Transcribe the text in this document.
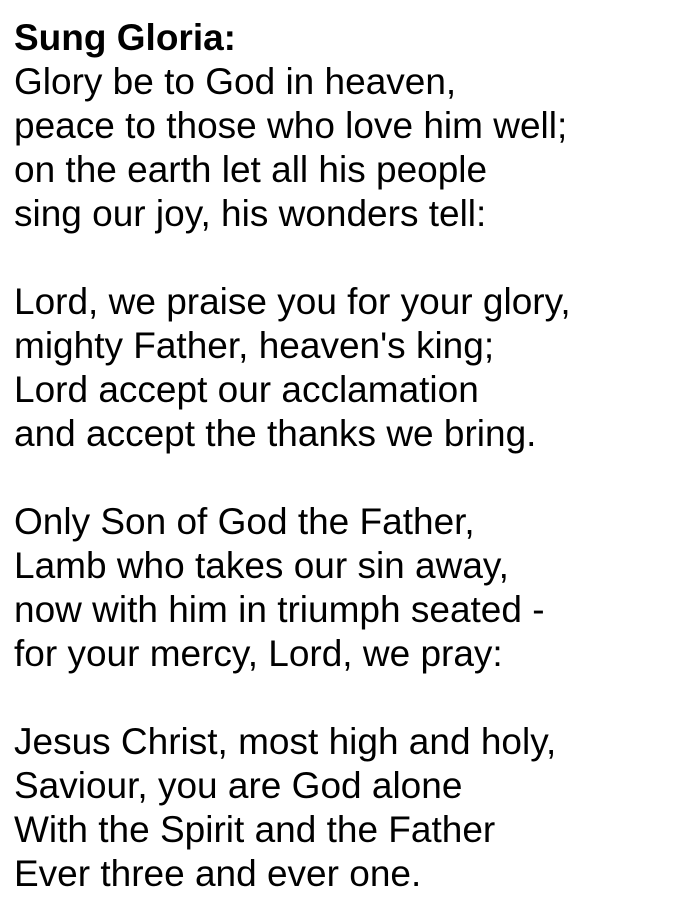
Sung Gloria:
Glory be to God in heaven,
peace to those who love him well;
on the earth let all his people
sing our joy, his wonders tell:
Lord, we praise you for your glory,
mighty Father, heaven's king;
Lord accept our acclamation
and accept the thanks we bring.
Only Son of God the Father,
Lamb who takes our sin away,
now with him in triumph seated -
for your mercy, Lord, we pray:
Jesus Christ, most high and holy,
Saviour, you are God alone
With the Spirit and the Father
Ever three and ever one.
